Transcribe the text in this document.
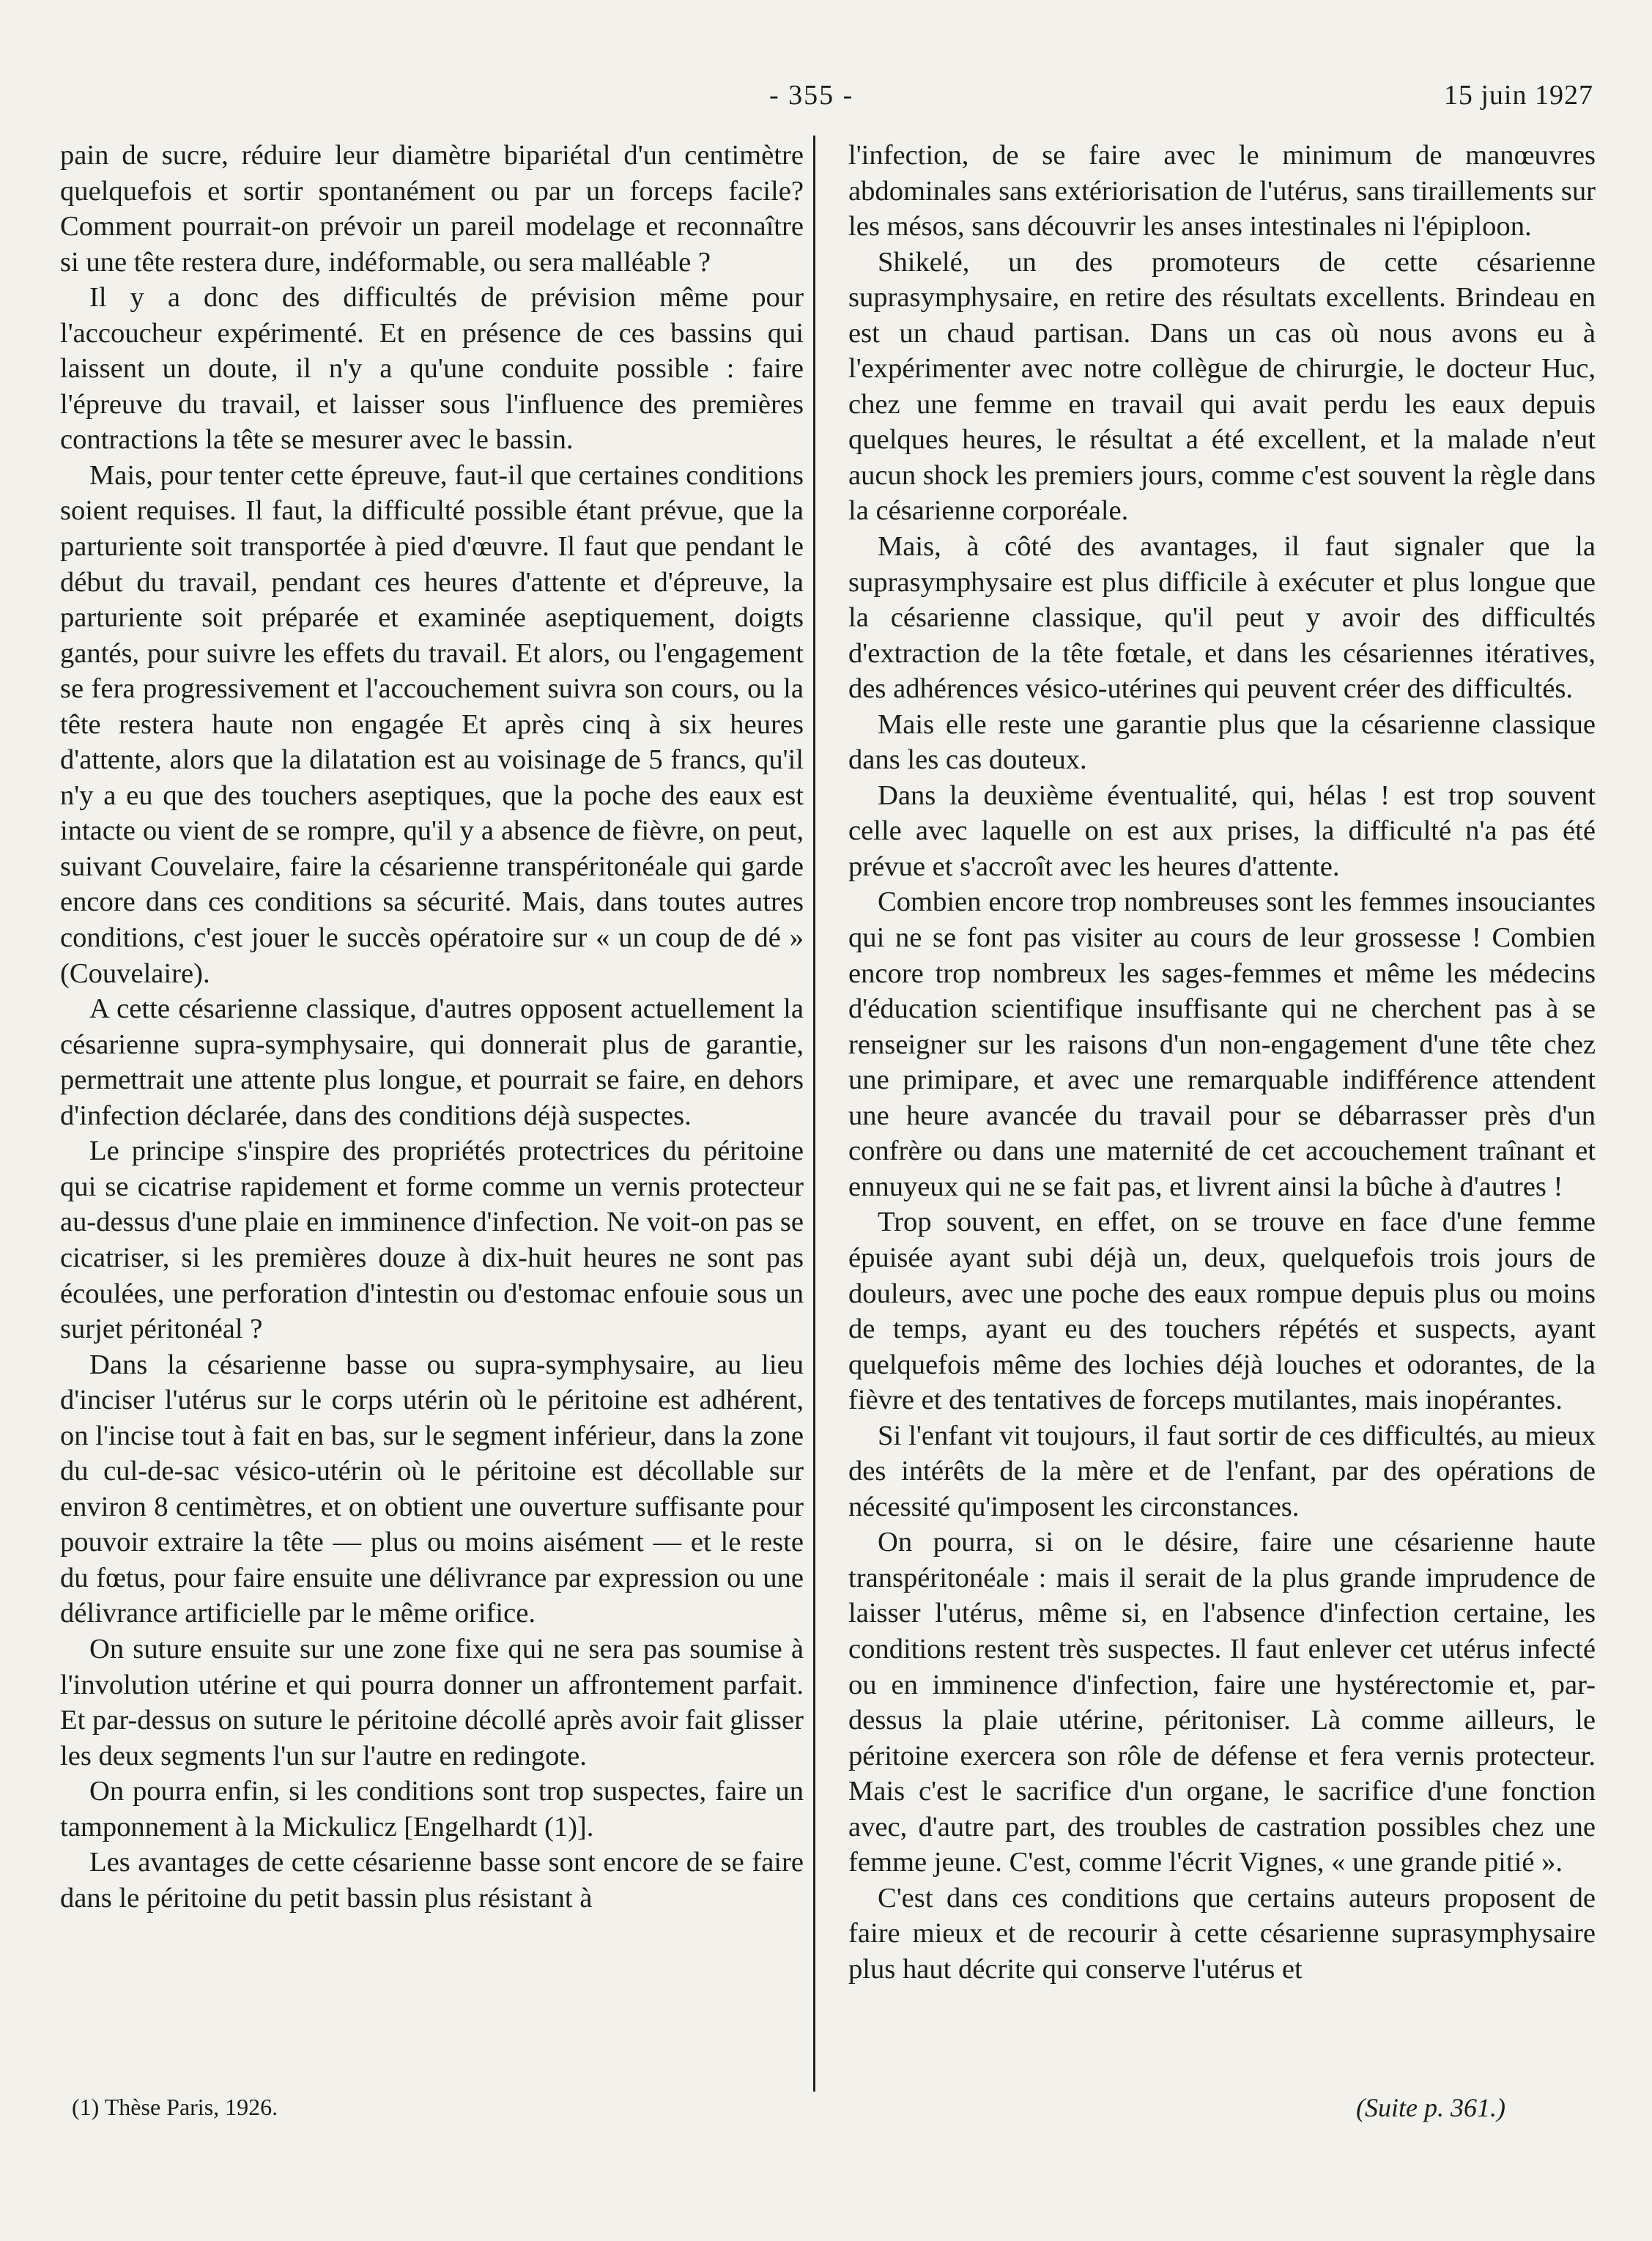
- 355 -	15 juin 1927

pain de sucre, réduire leur diamètre bipariétal d'un centimètre quelquefois et sortir spontanément ou par un forceps facile? Comment pourrait-on prévoir un pareil modelage et reconnaître si une tête restera dure, indéformable, ou sera malléable ?

Il y a donc des difficultés de prévision même pour l'accoucheur expérimenté. Et en présence de ces bassins qui laissent un doute, il n'y a qu'une conduite possible : faire l'épreuve du travail, et laisser sous l'influence des premières contractions la tête se mesurer avec le bassin.

Mais, pour tenter cette épreuve, faut-il que certaines conditions soient requises. Il faut, la difficulté possible étant prévue, que la parturiente soit transportée à pied d'œuvre. Il faut que pendant le début du travail, pendant ces heures d'attente et d'épreuve, la parturiente soit préparée et examinée aseptiquement, doigts gantés, pour suivre les effets du travail. Et alors, ou l'engagement se fera progressivement et l'accouchement suivra son cours, ou la tête restera haute non engagée Et après cinq à six heures d'attente, alors que la dilatation est au voisinage de 5 francs, qu'il n'y a eu que des touchers aseptiques, que la poche des eaux est intacte ou vient de se rompre, qu'il y a absence de fièvre, on peut, suivant Couvelaire, faire la césarienne transpéritonéale qui garde encore dans ces conditions sa sécurité. Mais, dans toutes autres conditions, c'est jouer le succès opératoire sur « un coup de dé » (Couvelaire).

A cette césarienne classique, d'autres opposent actuellement la césarienne supra-symphysaire, qui donnerait plus de garantie, permettrait une attente plus longue, et pourrait se faire, en dehors d'infection déclarée, dans des conditions déjà suspectes.

Le principe s'inspire des propriétés protectrices du péritoine qui se cicatrise rapidement et forme comme un vernis protecteur au-dessus d'une plaie en imminence d'infection. Ne voit-on pas se cicatriser, si les premières douze à dix-huit heures ne sont pas écoulées, une perforation d'intestin ou d'estomac enfouie sous un surjet péritonéal ?

Dans la césarienne basse ou supra-symphysaire, au lieu d'inciser l'utérus sur le corps utérin où le péritoine est adhérent, on l'incise tout à fait en bas, sur le segment inférieur, dans la zone du cul-de-sac vésico-utérin où le péritoine est décollable sur environ 8 centimètres, et on obtient une ouverture suffisante pour pouvoir extraire la tête — plus ou moins aisément — et le reste du fœtus, pour faire ensuite une délivrance par expression ou une délivrance artificielle par le même orifice.

On suture ensuite sur une zone fixe qui ne sera pas soumise à l'involution utérine et qui pourra donner un affrontement parfait. Et par-dessus on suture le péritoine décollé après avoir fait glisser les deux segments l'un sur l'autre en redingote.

On pourra enfin, si les conditions sont trop suspectes, faire un tamponnement à la Mickulicz [Engelhardt (1)].

Les avantages de cette césarienne basse sont encore de se faire dans le péritoine du petit bassin plus résistant à

l'infection, de se faire avec le minimum de manœuvres abdominales sans extériorisation de l'utérus, sans tiraillements sur les mésos, sans découvrir les anses intestinales ni l'épiploon.

Shikelé, un des promoteurs de cette césarienne suprasymphysaire, en retire des résultats excellents. Brindeau en est un chaud partisan. Dans un cas où nous avons eu à l'expérimenter avec notre collègue de chirurgie, le docteur Huc, chez une femme en travail qui avait perdu les eaux depuis quelques heures, le résultat a été excellent, et la malade n'eut aucun shock les premiers jours, comme c'est souvent la règle dans la césarienne corporéale.

Mais, à côté des avantages, il faut signaler que la suprasymphysaire est plus difficile à exécuter et plus longue que la césarienne classique, qu'il peut y avoir des difficultés d'extraction de la tête fœtale, et dans les césariennes itératives, des adhérences vésico-utérines qui peuvent créer des difficultés.

Mais elle reste une garantie plus que la césarienne classique dans les cas douteux.

Dans la deuxième éventualité, qui, hélas ! est trop souvent celle avec laquelle on est aux prises, la difficulté n'a pas été prévue et s'accroît avec les heures d'attente.

Combien encore trop nombreuses sont les femmes insouciantes qui ne se font pas visiter au cours de leur grossesse ! Combien encore trop nombreux les sages-femmes et même les médecins d'éducation scientifique insuffisante qui ne cherchent pas à se renseigner sur les raisons d'un non-engagement d'une tête chez une primipare, et avec une remarquable indifférence attendent une heure avancée du travail pour se débarrasser près d'un confrère ou dans une maternité de cet accouchement traînant et ennuyeux qui ne se fait pas, et livrent ainsi la bûche à d'autres !

Trop souvent, en effet, on se trouve en face d'une femme épuisée ayant subi déjà un, deux, quelquefois trois jours de douleurs, avec une poche des eaux rompue depuis plus ou moins de temps, ayant eu des touchers répétés et suspects, ayant quelquefois même des lochies déjà louches et odorantes, de la fièvre et des tentatives de forceps mutilantes, mais inopérantes.

Si l'enfant vit toujours, il faut sortir de ces difficultés, au mieux des intérêts de la mère et de l'enfant, par des opérations de nécessité qu'imposent les circonstances.

On pourra, si on le désire, faire une césarienne haute transpéritonéale : mais il serait de la plus grande imprudence de laisser l'utérus, même si, en l'absence d'infection certaine, les conditions restent très suspectes. Il faut enlever cet utérus infecté ou en imminence d'infection, faire une hystérectomie et, par-dessus la plaie utérine, péritoniser. Là comme ailleurs, le péritoine exercera son rôle de défense et fera vernis protecteur. Mais c'est le sacrifice d'un organe, le sacrifice d'une fonction avec, d'autre part, des troubles de castration possibles chez une femme jeune. C'est, comme l'écrit Vignes, « une grande pitié ».

C'est dans ces conditions que certains auteurs proposent de faire mieux et de recourir à cette césarienne suprasymphysaire plus haut décrite qui conserve l'utérus et

(1) Thèse Paris, 1926.	(Suite p. 361.)
